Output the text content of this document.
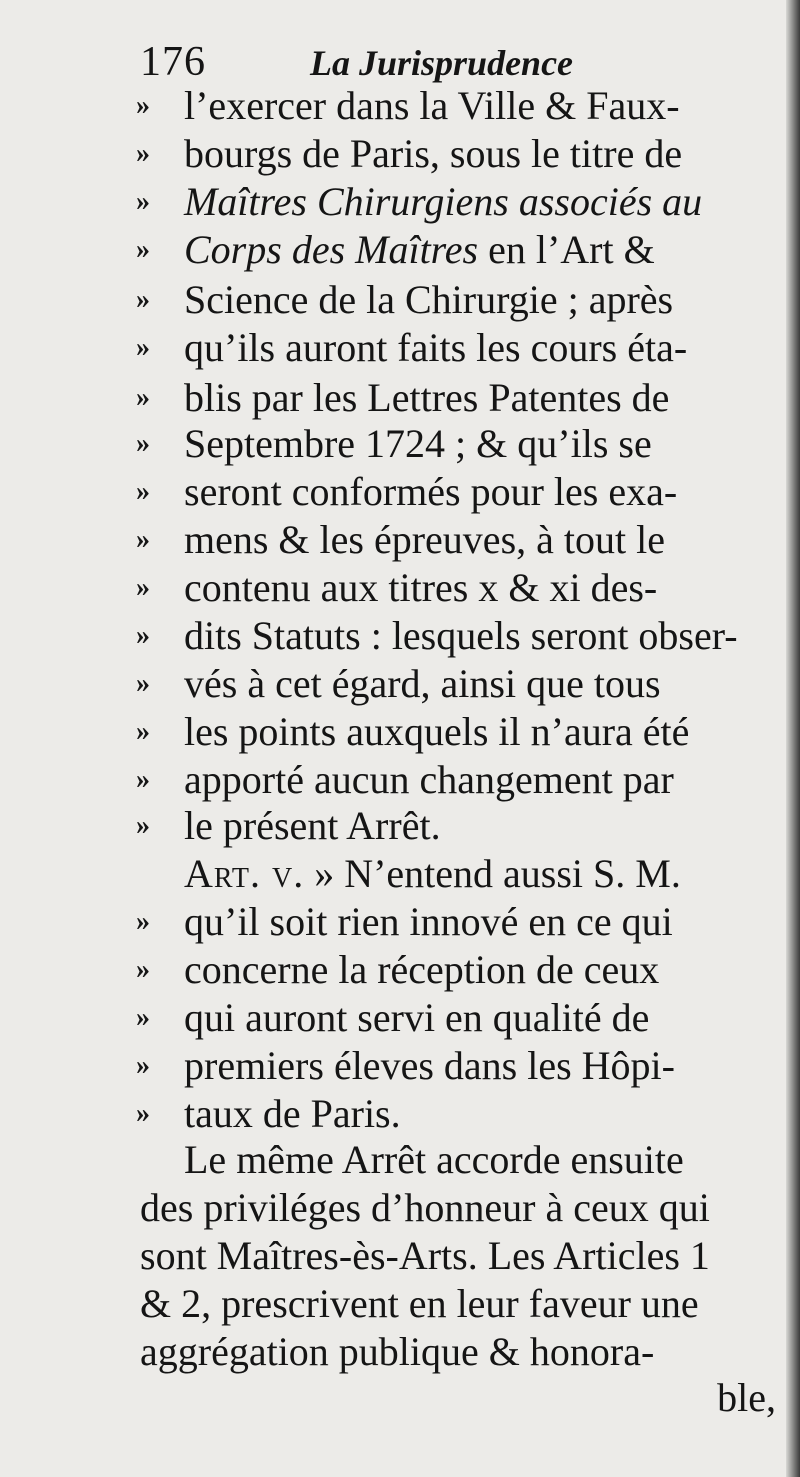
176	La Jurisprudence
» l’exercer dans la Ville & Faux-
» bourgs de Paris, sous le titre de
» Maîtres Chirurgiens associés au
» Corps des Maîtres en l’Art &
» Science de la Chirurgie ; après
» qu’ils auront faits les cours éta-
» blis par les Lettres Patentes de
» Septembre 1724 ; & qu’ils se
» seront conformés pour les exa-
» mens & les épreuves, à tout le
» contenu aux titres x & xi des-
» dits Statuts : lesquels seront obser-
» vés à cet égard, ainsi que tous
» les points auxquels il n’aura été
» apporté aucun changement par
» le présent Arrêt.
Art. v. » N’entend aussi S. M.
» qu’il soit rien innové en ce qui
» concerne la réception de ceux
» qui auront servi en qualité de
» premiers éleves dans les Hôpi-
» taux de Paris.
Le même Arrêt accorde ensuite
des priviléges d’honneur à ceux qui
sont Maîtres-ès-Arts. Les Articles 1
& 2, prescrivent en leur faveur une
aggrégation publique & honora-
ble,
